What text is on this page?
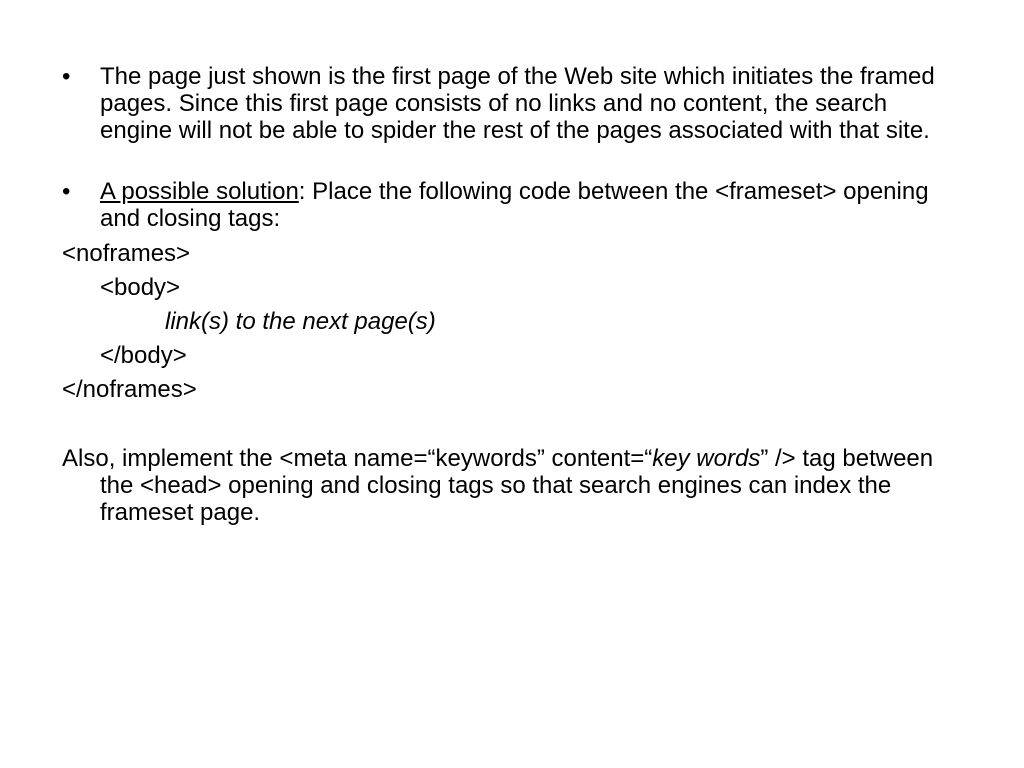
• The page just shown is the first page of the Web site which initiates the framed pages. Since this first page consists of no links and no content, the search engine will not be able to spider the rest of the pages associated with that site.
• A possible solution: Place the following code between the <frameset> opening and closing tags:
<noframes>
<body>
link(s) to the next page(s)
</body>
</noframes>
Also, implement the <meta name=“keywords” content=“key words” /> tag between the <head> opening and closing tags so that search engines can index the frameset page.
